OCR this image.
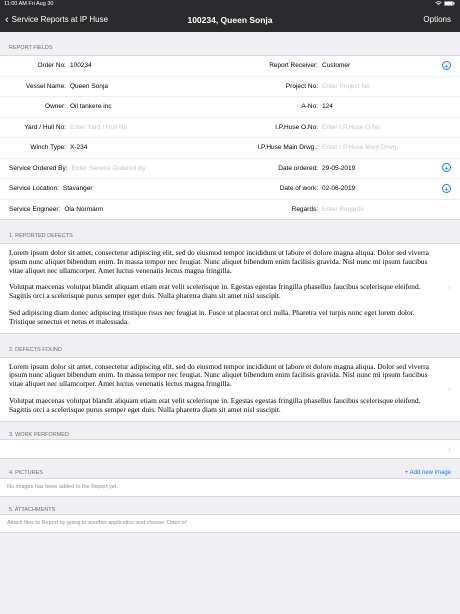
11:00 AM Fri Aug 30

‹ Service Reports at IP Huse	100234, Queen Sonja	Options
REPORT FIELDS
Order No: 100234	Report Receiver: Customer	+
Vessel Name: Queen Sonja	Project No: Enter Project No
Owner: Oil tankere inc	A-No: 124
Yard / Hull No: Enter Yard / Hull No	I.P.Huse O.No: Enter I.P.Huse O.No
Winch Type: X-234	I.P.Huse Main Drwg.: Enter I.P.Huse Main Drwg.
Service Ordered By: Enter Service Ordered By	Date ordered: 29-05-2019	+
Service Location: Stavanger	Date of work: 02-06-2019	+
Service Engineer: Ola Normann	Regards: Enter Regards
1. REPORTED DEFECTS

Lorem ipsum dolor sit amet, consectetur adipiscing elit, sed do eiusmod tempor incididunt ut labore et dolore magna aliqua. Dolor sed viverra ipsum nunc aliquet bibendum enim. In massa tempor nec feugiat. Nunc aliquet bibendum enim facilisis gravida. Nisl nunc mi ipsum faucibus vitae aliquet nec ullamcorper. Amet luctus venenatis lectus magna fringilla.

Volutpat maecenas volutpat blandit aliquam etiam erat velit scelerisque in. Egestas egestas fringilla phasellus faucibus scelerisque eleifend. Sagittis orci a scelerisque purus semper eget duis. Nulla pharetra diam sit amet nisl suscipit.

Sed adipiscing diam donec adipiscing tristique risus nec feugiat in. Fusce ut placerat orci nulla. Pharetra vel turpis nunc eget lorem dolor. Tristique senectus et netus et malesuada.

›
2. DEFECTS FOUND

Lorem ipsum dolor sit amet, consectetur adipiscing elit, sed do eiusmod tempor incididunt ut labore et dolore magna aliqua. Dolor sed viverra ipsum nunc aliquet bibendum enim. In massa tempor nec feugiat. Nunc aliquet bibendum enim facilisis gravida. Nisl nunc mi ipsum faucibus vitae aliquet nec ullamcorper. Amet luctus venenatis lectus magna fringilla.

Volutpat maecenas volutpat blandit aliquam etiam erat velit scelerisque in. Egestas egestas fringilla phasellus faucibus scelerisque eleifend. Sagittis orci a scelerisque purus semper eget duis. Nulla pharetra diam sit amet nisl suscipit.

›
3. WORK PERFORMED
›
4. PICTURES	+ Add new image
No images has been added to the Report yet.
5. ATTACHMENTS
Attach files to Report by going to another application and choose 'Open in'
